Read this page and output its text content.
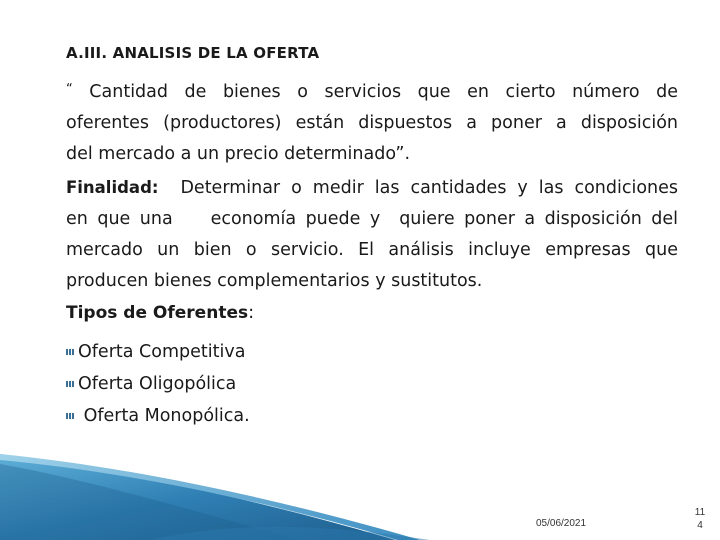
A.III. ANALISIS DE LA OFERTA
“ Cantidad de bienes o servicios que en cierto número de
oferentes (productores) están dispuestos a poner a disposición
del mercado a un precio determinado”.
Finalidad:  Determinar o medir las cantidades y las condiciones
en que una    economía puede y  quiere poner a disposición del
mercado un bien o servicio. El análisis incluye empresas que
producen bienes complementarios y sustitutos.
Tipos de Oferentes:
Oferta Competitiva
Oferta Oligopólica
Oferta Monopólica.
05/06/2021
11
4
